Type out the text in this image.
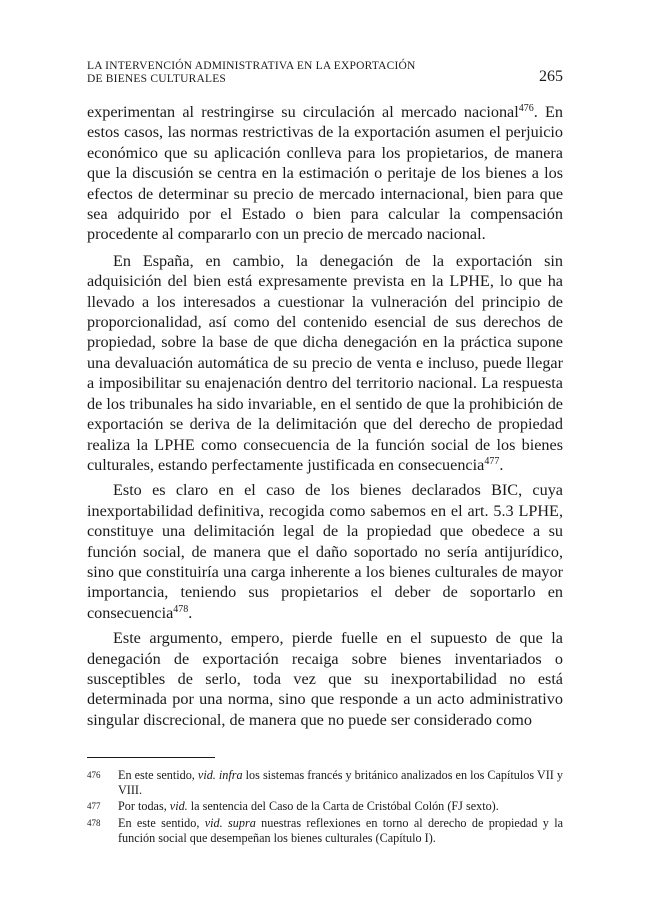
LA INTERVENCIÓN ADMINISTRATIVA EN LA EXPORTACIÓN
DE BIENES CULTURALES	265

experimentan al restringirse su circulación al mercado nacional$^{476}$. En estos casos, las normas restrictivas de la exportación asumen el perjuicio económico que su aplicación conlleva para los propietarios, de manera que la discusión se centra en la estimación o peritaje de los bienes a los efectos de determinar su precio de mercado internacional, bien para que sea adquirido por el Estado o bien para calcular la compensación procedente al compararlo con un precio de mercado nacional.

En España, en cambio, la denegación de la exportación sin adquisición del bien está expresamente prevista en la LPHE, lo que ha llevado a los interesados a cuestionar la vulneración del principio de proporcionalidad, así como del contenido esencial de sus derechos de propiedad, sobre la base de que dicha denegación en la práctica supone una devaluación automática de su precio de venta e incluso, puede llegar a imposibilitar su enajenación dentro del territorio nacional. La respuesta de los tribunales ha sido invariable, en el sentido de que la prohibición de exportación se deriva de la delimitación que del derecho de propiedad realiza la LPHE como consecuencia de la función social de los bienes culturales, estando perfectamente justificada en consecuencia$^{477}$.

Esto es claro en el caso de los bienes declarados BIC, cuya inexportabilidad definitiva, recogida como sabemos en el art. 5.3 LPHE, constituye una delimitación legal de la propiedad que obedece a su función social, de manera que el daño soportado no sería antijurídico, sino que constituiría una carga inherente a los bienes culturales de mayor importancia, teniendo sus propietarios el deber de soportarlo en consecuencia$^{478}$.

Este argumento, empero, pierde fuelle en el supuesto de que la denegación de exportación recaiga sobre bienes inventariados o susceptibles de serlo, toda vez que su inexportabilidad no está determinada por una norma, sino que responde a un acto administrativo singular discrecional, de manera que no puede ser considerado como

476	En este sentido, vid. infra los sistemas francés y británico analizados en los Capítulos VII y VIII.
477	Por todas, vid. la sentencia del Caso de la Carta de Cristóbal Colón (FJ sexto).
478	En este sentido, vid. supra nuestras reflexiones en torno al derecho de propiedad y la función social que desempeñan los bienes culturales (Capítulo I).
